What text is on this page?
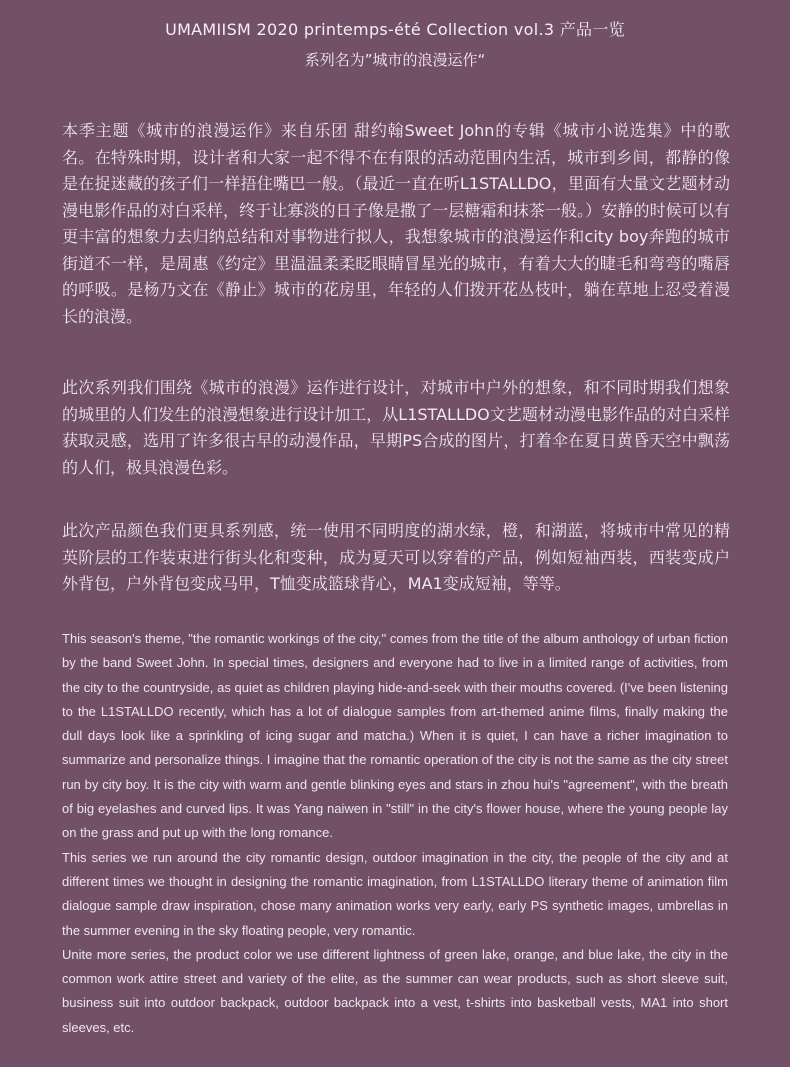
UMAMIISM 2020 printemps-été Collection vol.3 产品一览
系列名为”城市的浪漫运作“

本季主题《城市的浪漫运作》来自乐团 甜约翰Sweet John的专辑《城市小说选集》中的歌名。在特殊时期，设计者和大家一起不得不在有限的活动范围内生活，城市到乡间，都静的像是在捉迷藏的孩子们一样捂住嘴巴一般。（最近一直在听L1STALLDO，里面有大量文艺题材动漫电影作品的对白采样，终于让寡淡的日子像是撒了一层糖霜和抹茶一般。）安静的时候可以有更丰富的想象力去归纳总结和对事物进行拟人，我想象城市的浪漫运作和city boy奔跑的城市街道不一样，是周惠《约定》里温温柔柔眨眼睛冒星光的城市，有着大大的睫毛和弯弯的嘴唇的呼吸。是杨乃文在《静止》城市的花房里，年轻的人们拨开花丛枝叶，躺在草地上忍受着漫长的浪漫。

此次系列我们围绕《城市的浪漫》运作进行设计，对城市中户外的想象，和不同时期我们想象的城里的人们发生的浪漫想象进行设计加工，从L1STALLDO文艺题材动漫电影作品的对白采样获取灵感，选用了许多很古早的动漫作品，早期PS合成的图片，打着伞在夏日黄昏天空中飘荡的人们，极具浪漫色彩。

此次产品颜色我们更具系列感，统一使用不同明度的湖水绿，橙，和湖蓝，将城市中常见的精英阶层的工作装束进行街头化和变种，成为夏天可以穿着的产品，例如短袖西装，西装变成户外背包，户外背包变成马甲，T恤变成篮球背心，MA1变成短袖，等等。

This season's theme, "the romantic workings of the city," comes from the title of the album anthology of urban fiction by the band Sweet John. In special times, designers and everyone had to live in a limited range of activities, from the city to the countryside, as quiet as children playing hide-and-seek with their mouths covered. (I've been listening to the L1STALLDO recently, which has a lot of dialogue samples from art-themed anime films, finally making the dull days look like a sprinkling of icing sugar and matcha.) When it is quiet, I can have a richer imagination to summarize and personalize things. I imagine that the romantic operation of the city is not the same as the city street run by city boy. It is the city with warm and gentle blinking eyes and stars in zhou hui's "agreement", with the breath of big eyelashes and curved lips. It was Yang naiwen in "still" in the city's flower house, where the young people lay on the grass and put up with the long romance.

This series we run around the city romantic design, outdoor imagination in the city, the people of the city and at different times we thought in designing the romantic imagination, from L1STALLDO literary theme of animation film dialogue sample draw inspiration, chose many animation works very early, early PS synthetic images, umbrellas in the summer evening in the sky floating people, very romantic.

Unite more series, the product color we use different lightness of green lake, orange, and blue lake, the city in the common work attire street and variety of the elite, as the summer can wear products, such as short sleeve suit, business suit into outdoor backpack, outdoor backpack into a vest, t-shirts into basketball vests, MA1 into short sleeves, etc.
